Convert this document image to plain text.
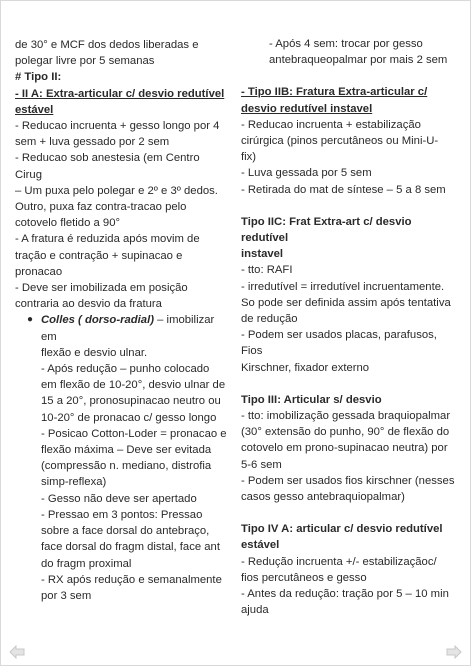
de 30° e MCF dos dedos liberadas e

polegar livre por 5 semanas

# Tipo II:

- II A: Extra-articular c/ desvio redutível

estável

- Reducao incruenta + gesso longo por 4

sem + luva gessado por 2 sem

- Reducao sob anestesia (em Centro Cirug

– Um puxa pelo polegar e 2º e 3º dedos.

Outro, puxa faz contra-tracao pelo

cotovelo fletido a 90°

- A fratura é reduzida após movim de

tração e contração + supinacao e

pronacao

- Deve ser imobilizada em posição

contraria ao desvio da fratura

● Colles ( dorso-radial) – imobilizar em

flexão e desvio ulnar.

- Após redução – punho colocado

em flexão de 10-20°, desvio ulnar de

15 a 20°, pronosupinacao neutro ou

10-20° de pronacao c/ gesso longo

- Posicao Cotton-Loder = pronacao e

flexão máxima – Deve ser evitada

(compressão n. mediano, distrofia

simp-reflexa)

- Gesso não deve ser apertado

- Pressao em 3 pontos: Pressao

sobre a face dorsal do antebraço,

face dorsal do fragm distal, face ant

do fragm proximal

- RX após redução e semanalmente

por 3 sem

- Após 4 sem: trocar por gesso

antebraqueopalmar por mais 2 sem

- Tipo IIB: Fratura Extra-articular c/

desvio redutível instavel

- Reducao incruenta + estabilização

cirúrgica (pinos percutâneos ou Mini-U-

fix)

- Luva gessada por 5 sem

- Retirada do mat de síntese – 5 a 8 sem

Tipo IIC: Frat Extra-art c/ desvio redutível

instavel

- tto: RAFI

- irredutível = irredutível incruentamente.

So pode ser definida assim após tentativa

de redução

- Podem ser usados placas, parafusos, Fios

Kirschner, fixador externo

Tipo III: Articular s/ desvio

- tto: imobilização gessada braquiopalmar

(30° extensão do punho, 90° de flexão do

cotovelo em prono-supinacao neutra) por

5-6 sem

- Podem ser usados fios kirschner (nesses

casos gesso antebraquiopalmar)

Tipo IV A: articular c/ desvio redutível

estável

- Redução incruenta +/- estabilizaçãoc/

fios percutâneos e gesso

- Antes da redução: tração por 5 – 10 min

ajuda
